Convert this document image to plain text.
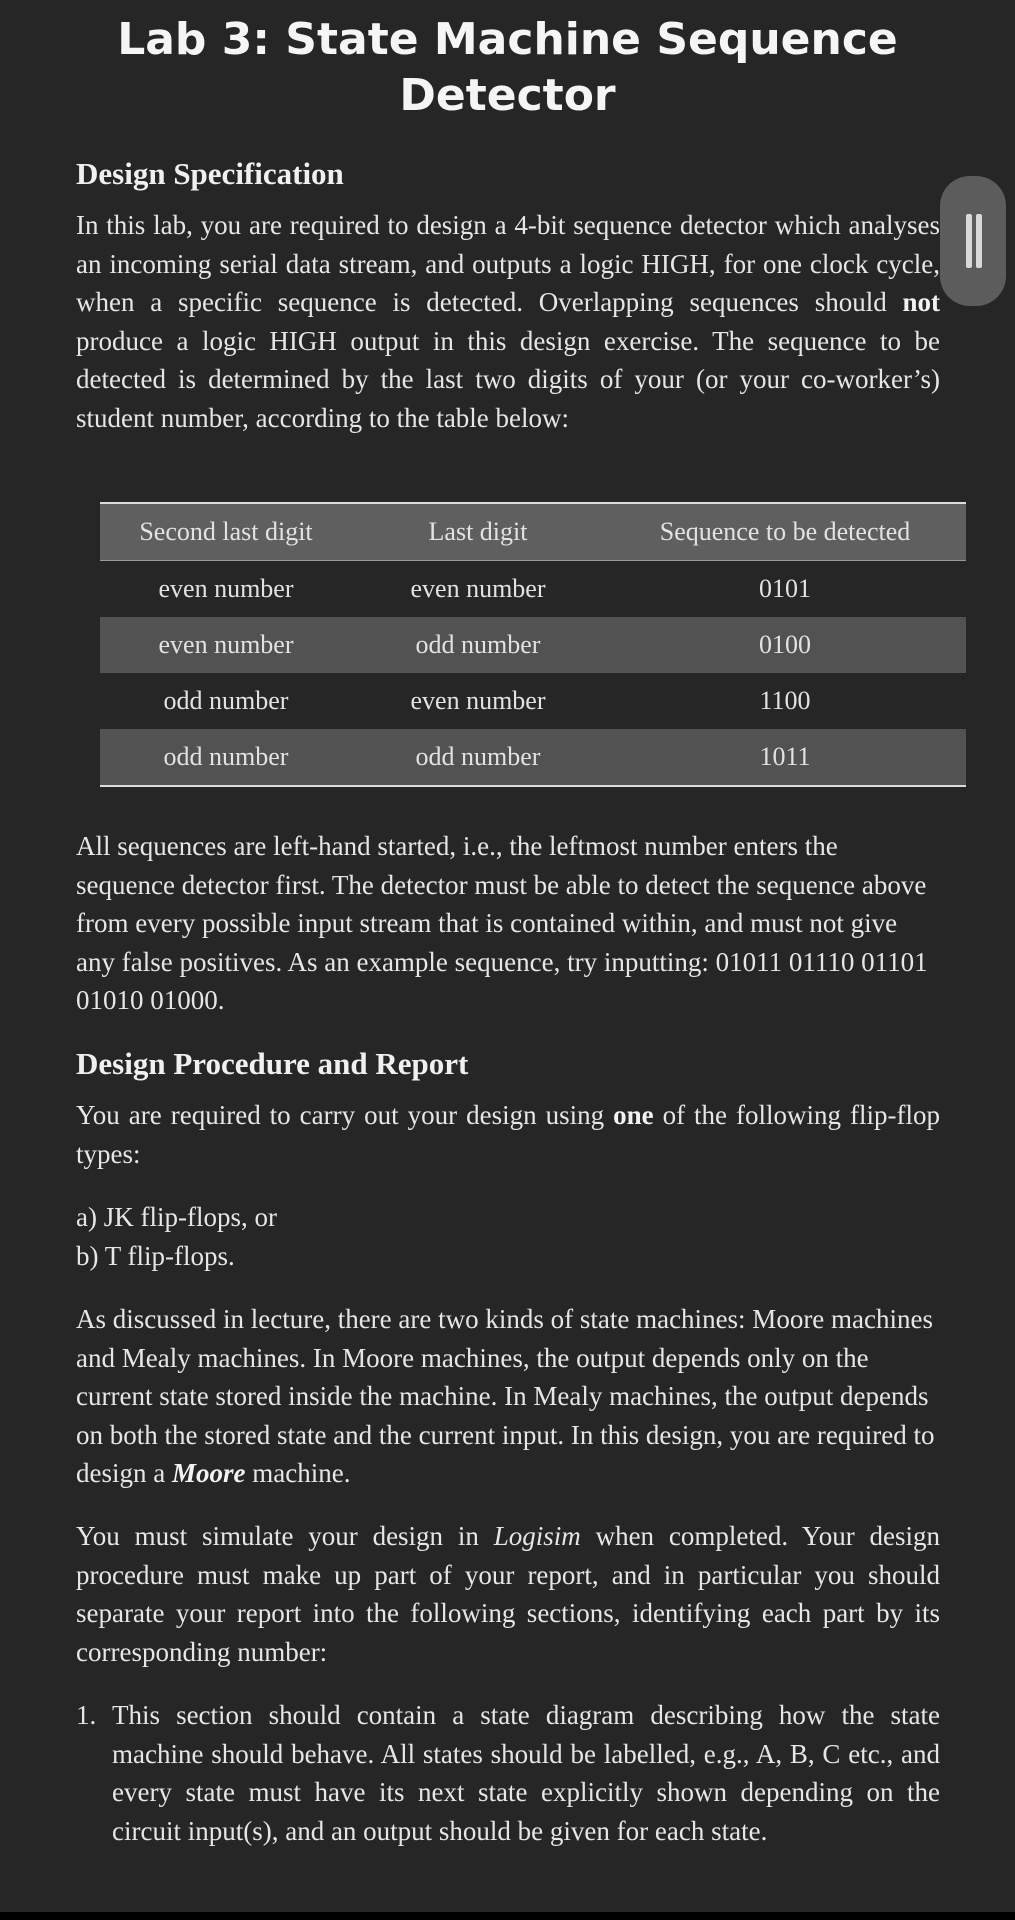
Lab 3: State Machine Sequence
Detector
Design Specification
In this lab, you are required to design a 4-bit sequence detector which analyses an incoming serial data stream, and outputs a logic HIGH, for one clock cycle, when a specific sequence is detected. Overlapping sequences should not produce a logic HIGH output in this design exercise. The sequence to be detected is determined by the last two digits of your (or your co-worker’s) student number, according to the table below:
Second last digit	Last digit	Sequence to be detected
even number	even number	0101
even number	odd number	0100
odd number	even number	1100
odd number	odd number	1011
All sequences are left-hand started, i.e., the leftmost number enters the sequence detector first. The detector must be able to detect the sequence above from every possible input stream that is contained within, and must not give any false positives. As an example sequence, try inputting: 01011 01110 01101 01010 01000.
Design Procedure and Report
You are required to carry out your design using one of the following flip-flop types:
a) JK flip-flops, or
b) T flip-flops.
As discussed in lecture, there are two kinds of state machines: Moore machines and Mealy machines. In Moore machines, the output depends only on the current state stored inside the machine. In Mealy machines, the output depends on both the stored state and the current input. In this design, you are required to design a Moore machine.
You must simulate your design in Logisim when completed. Your design procedure must make up part of your report, and in particular you should separate your report into the following sections, identifying each part by its corresponding number:
1. This section should contain a state diagram describing how the state machine should behave. All states should be labelled, e.g., A, B, C etc., and every state must have its next state explicitly shown depending on the circuit input(s), and an output should be given for each state.
